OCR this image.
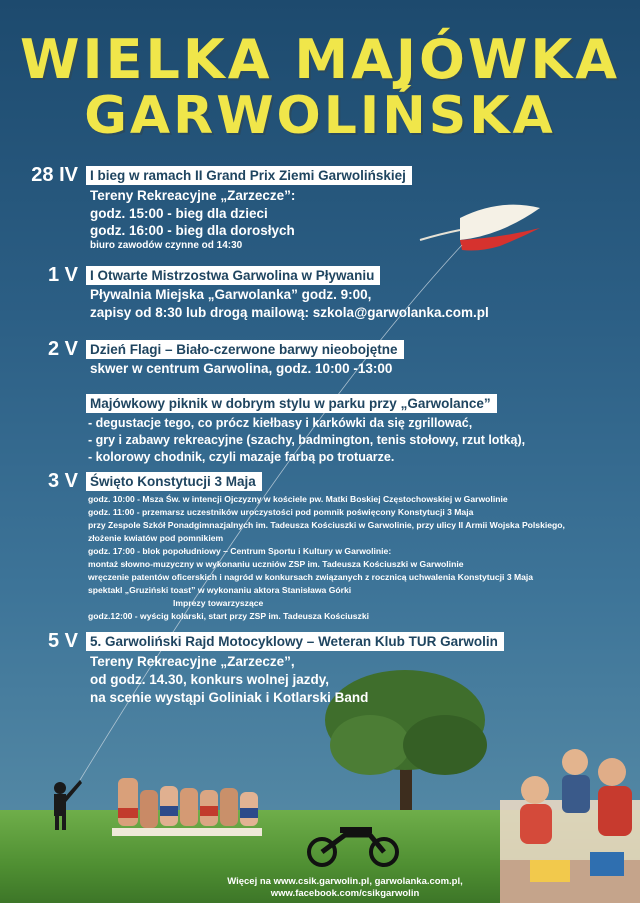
WIELKA MAJÓWKA
GARWOLIŃSKA
28 IV I bieg w ramach II Grand Prix Ziemi Garwolińskiej
Tereny Rekreacyjne „Zarzecze”:
godz. 15:00 - bieg dla dzieci
godz. 16:00 - bieg dla dorosłych
biuro zawodów czynne od 14:30
1 V I Otwarte Mistrzostwa Garwolina w Pływaniu
Pływalnia Miejska „Garwolanka” godz. 9:00,
zapisy od 8:30 lub drogą mailową: szkola@garwolanka.com.pl
2 V Dzień Flagi – Biało-czerwone barwy nieobojętne
skwer w centrum Garwolina, godz. 10:00 -13:00
Majówkowy piknik w dobrym stylu w parku przy „Garwolance”
- degustacje tego, co prócz kiełbasy i karkówki da się zgrillować,
- gry i zabawy rekreacyjne (szachy, badmington, tenis stołowy, rzut lotką),
- kolorowy chodnik, czyli mazaje farbą po trotuarze.
3 V Święto Konstytucji 3 Maja
godz. 10:00 - Msza Św. w intencji Ojczyzny w kościele pw. Matki Boskiej Częstochowskiej w Garwolinie
godz. 11:00 - przemarsz uczestników uroczystości pod pomnik poświęcony Konstytucji 3 Maja
przy Zespole Szkół Ponadgimnazjalnych im. Tadeusza Kościuszki w Garwolinie, przy ulicy II Armii Wojska Polskiego,
złożenie kwiatów pod pomnikiem
godz. 17:00 - blok popołudniowy – Centrum Sportu i Kultury w Garwolinie:
montaż słowno-muzyczny w wykonaniu uczniów ZSP im. Tadeusza Kościuszki w Garwolinie
wręczenie patentów oficerskich i nagród w konkursach związanych z rocznicą uchwalenia Konstytucji 3 Maja
spektakl „Gruziński toast” w wykonaniu aktora Stanisława Górki
Imprezy towarzyszące
godz.12:00 - wyścig kolarski, start przy ZSP im. Tadeusza Kościuszki
5 V 5. Garwoliński Rajd Motocyklowy – Weteran Klub TUR Garwolin
Tereny Rekreacyjne „Zarzecze”,
od godz. 14.30, konkurs wolnej jazdy,
na scenie wystąpi Goliniak i Kotlarski Band
Więcej na www.csik.garwolin.pl, garwolanka.com.pl,
www.facebook.com/csikgarwolin
